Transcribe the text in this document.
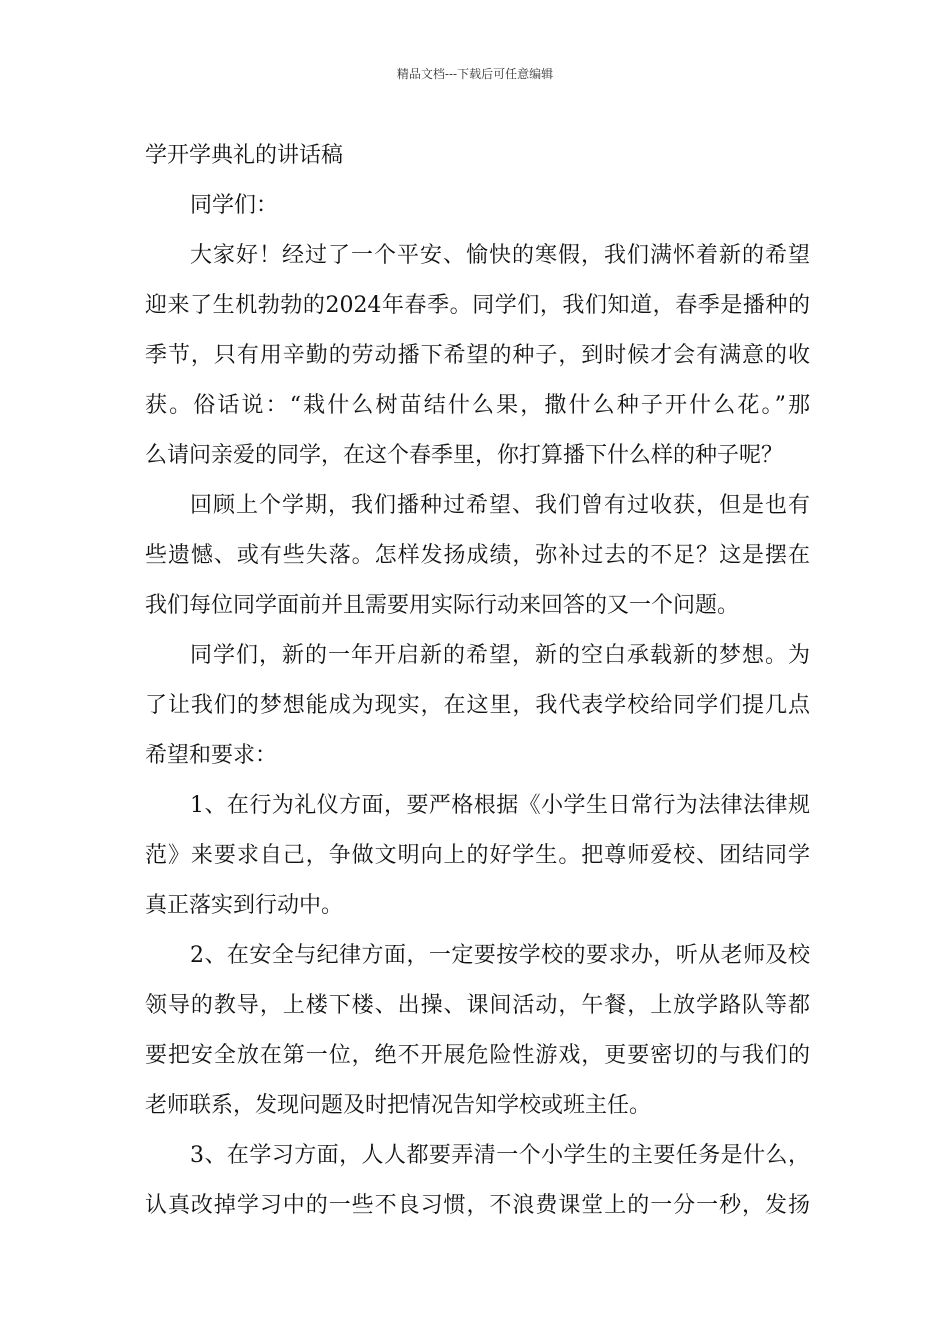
精品文档---下载后可任意编辑
学开学典礼的讲话稿
同学们：
大家好！经过了一个平安、愉快的寒假，我们满怀着新的希望
迎来了生机勃勃的2024年春季。同学们，我们知道，春季是播种的
季节，只有用辛勤的劳动播下希望的种子，到时候才会有满意的收
获。俗话说：“栽什么树苗结什么果，撒什么种子开什么花。”那
么请问亲爱的同学，在这个春季里，你打算播下什么样的种子呢？
回顾上个学期，我们播种过希望、我们曾有过收获，但是也有
些遗憾、或有些失落。怎样发扬成绩，弥补过去的不足？这是摆在
我们每位同学面前并且需要用实际行动来回答的又一个问题。
同学们，新的一年开启新的希望，新的空白承载新的梦想。为
了让我们的梦想能成为现实，在这里，我代表学校给同学们提几点
希望和要求：
1、在行为礼仪方面，要严格根据《小学生日常行为法律法律规
范》来要求自己，争做文明向上的好学生。把尊师爱校、团结同学
真正落实到行动中。
2、在安全与纪律方面，一定要按学校的要求办，听从老师及校
领导的教导，上楼下楼、出操、课间活动，午餐，上放学路队等都
要把安全放在第一位，绝不开展危险性游戏，更要密切的与我们的
老师联系，发现问题及时把情况告知学校或班主任。
3、在学习方面，人人都要弄清一个小学生的主要任务是什么，
认真改掉学习中的一些不良习惯，不浪费课堂上的一分一秒，发扬
